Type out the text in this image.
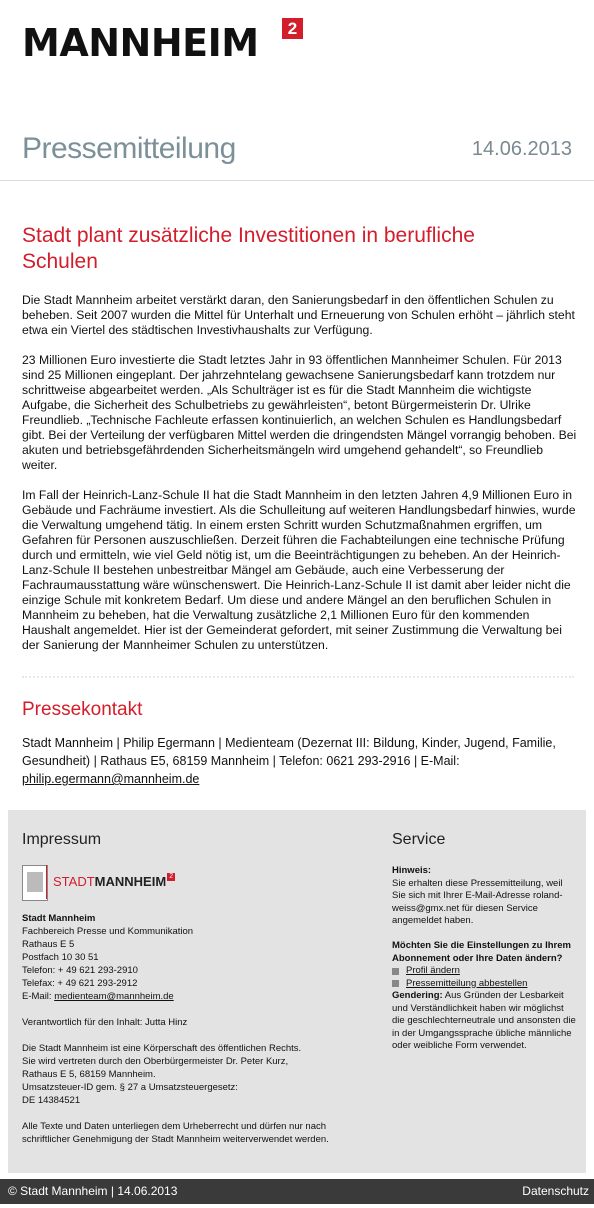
MANNHEIM	2
Pressemitteilung	14.06.2013
Stadt plant zusätzliche Investitionen in berufliche Schulen

Die Stadt Mannheim arbeitet verstärkt daran, den Sanierungsbedarf in den öffentlichen Schulen zu beheben. Seit 2007 wurden die Mittel für Unterhalt und Erneuerung von Schulen erhöht – jährlich steht etwa ein Viertel des städtischen Investivhaushalts zur Verfügung.

23 Millionen Euro investierte die Stadt letztes Jahr in 93 öffentlichen Mannheimer Schulen. Für 2013 sind 25 Millionen eingeplant. Der jahrzehntelang gewachsene Sanierungsbedarf kann trotzdem nur schrittweise abgearbeitet werden. „Als Schulträger ist es für die Stadt Mannheim die wichtigste Aufgabe, die Sicherheit des Schulbetriebs zu gewährleisten“, betont Bürgermeisterin Dr. Ulrike Freundlieb. „Technische Fachleute erfassen kontinuierlich, an welchen Schulen es Handlungsbedarf gibt. Bei der Verteilung der verfügbaren Mittel werden die dringendsten Mängel vorrangig behoben. Bei akuten und betriebsgefährdenden Sicherheitsmängeln wird umgehend gehandelt“, so Freundlieb weiter.

Im Fall der Heinrich-Lanz-Schule II hat die Stadt Mannheim in den letzten Jahren 4,9 Millionen Euro in Gebäude und Fachräume investiert. Als die Schulleitung auf weiteren Handlungsbedarf hinwies, wurde die Verwaltung umgehend tätig. In einem ersten Schritt wurden Schutzmaßnahmen ergriffen, um Gefahren für Personen auszuschließen. Derzeit führen die Fachabteilungen eine technische Prüfung durch und ermitteln, wie viel Geld nötig ist, um die Beeinträchtigungen zu beheben. An der Heinrich-Lanz-Schule II bestehen unbestreitbar Mängel am Gebäude, auch eine Verbesserung der Fachraumausstattung wäre wünschenswert. Die Heinrich-Lanz-Schule II ist damit aber leider nicht die einzige Schule mit konkretem Bedarf. Um diese und andere Mängel an den beruflichen Schulen in Mannheim zu beheben, hat die Verwaltung zusätzliche 2,1 Millionen Euro für den kommenden Haushalt angemeldet. Hier ist der Gemeinderat gefordert, mit seiner Zustimmung die Verwaltung bei der Sanierung der Mannheimer Schulen zu unterstützen.

Pressekontakt
Stadt Mannheim | Philip Egermann | Medienteam (Dezernat III: Bildung, Kinder, Jugend, Familie, Gesundheit) | Rathaus E5, 68159 Mannheim | Telefon: 0621 293-2916 | E-Mail: philip.egermann@mannheim.de
Impressum	Service
STADTMANNHEIM 2
Stadt Mannheim
Fachbereich Presse und Kommunikation
Rathaus E 5
Postfach 10 30 51
Telefon: + 49 621 293-2910
Telefax: + 49 621 293-2912
E-Mail: medienteam@mannheim.de
Verantwortlich für den Inhalt: Jutta Hinz
Die Stadt Mannheim ist eine Körperschaft des öffentlichen Rechts.
Sie wird vertreten durch den Oberbürgermeister Dr. Peter Kurz,
Rathaus E 5, 68159 Mannheim.
Umsatzsteuer-ID gem. § 27 a Umsatzsteuergesetz:
DE 14384521
Alle Texte und Daten unterliegen dem Urheberrecht und dürfen nur nach
schriftlicher Genehmigung der Stadt Mannheim weiterverwendet werden.
Hinweis:
Sie erhalten diese Pressemitteilung, weil Sie sich mit Ihrer E-Mail-Adresse roland-weiss@gmx.net für diesen Service angemeldet haben.
Möchten Sie die Einstellungen zu Ihrem Abonnement oder Ihre Daten ändern?
Profil ändern
Pressemitteilung abbestellen
Gendering: Aus Gründen der Lesbarkeit und Verständlichkeit haben wir möglichst die geschlechterneutrale und ansonsten die in der Umgangssprache übliche männliche oder weibliche Form verwendet.
© Stadt Mannheim | 14.06.2013	Datenschutz
